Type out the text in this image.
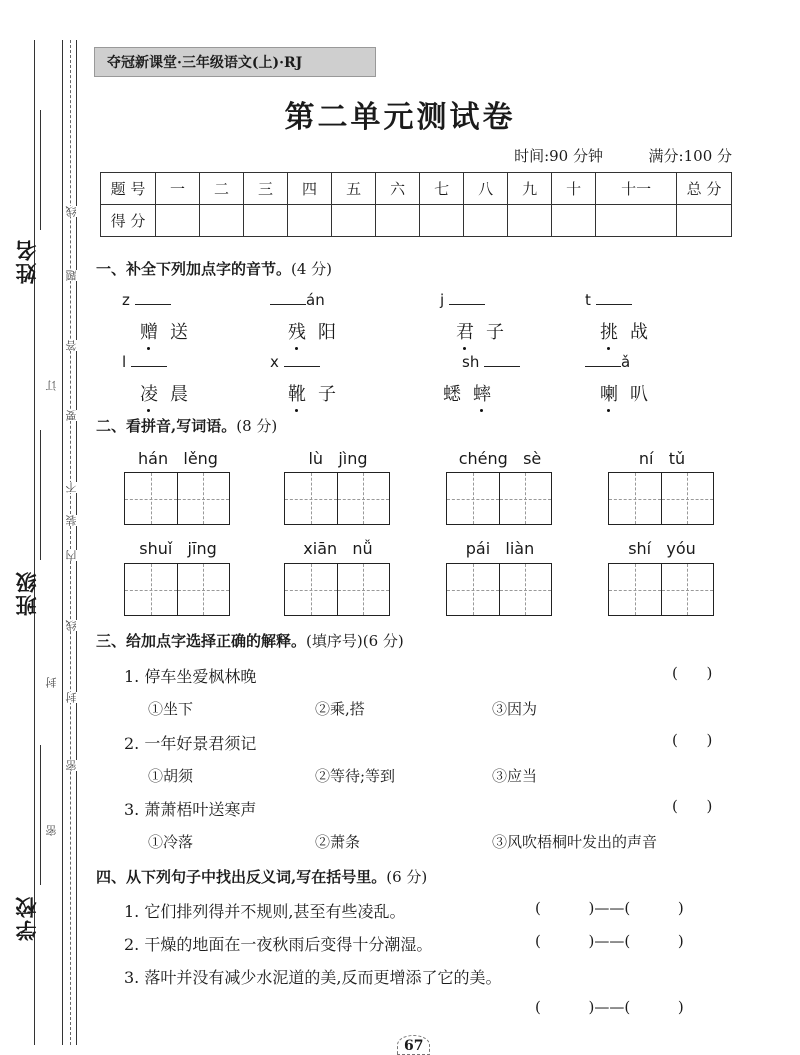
姓名
班级
学校
订
封
密
线
题
答
要
不
装
内
线
封
密
夺冠新课堂·三年级语文(上)·RJ
第二单元测试卷
时间:90 分钟	满分:100 分
题 号	一	二	三	四	五	六	七	八	九	十	十一	总 分
得 分												
一、补全下列加点字的音节。(4 分)
z	án	j	t
赠送	残阳	君子	挑战
l	x	sh	ǎ
凌晨	靴子	蟋蟀	喇叭
二、看拼音,写词语。(8 分)
hán   lěng	lù   jìng	chéng   sè	ní   tǔ
shuǐ   jīng	xiān   nǚ	pái   liàn	shí   yóu
三、给加点字选择正确的解释。(填序号)(6 分)
1. 停车坐爱枫林晚	(      )
①坐下	②乘,搭	③因为
2. 一年好景君须记	(      )
①胡须	②等待;等到	③应当
3. 萧萧梧叶送寒声	(      )
①冷落	②萧条	③风吹梧桐叶发出的声音
四、从下列句子中找出反义词,写在括号里。(6 分)
1. 它们排列得并不规则,甚至有些凌乱。	(          )——(          )
2. 干燥的地面在一夜秋雨后变得十分潮湿。	(          )——(          )
3. 落叶并没有减少水泥道的美,反而更增添了它的美。
(          )——(          )
67
